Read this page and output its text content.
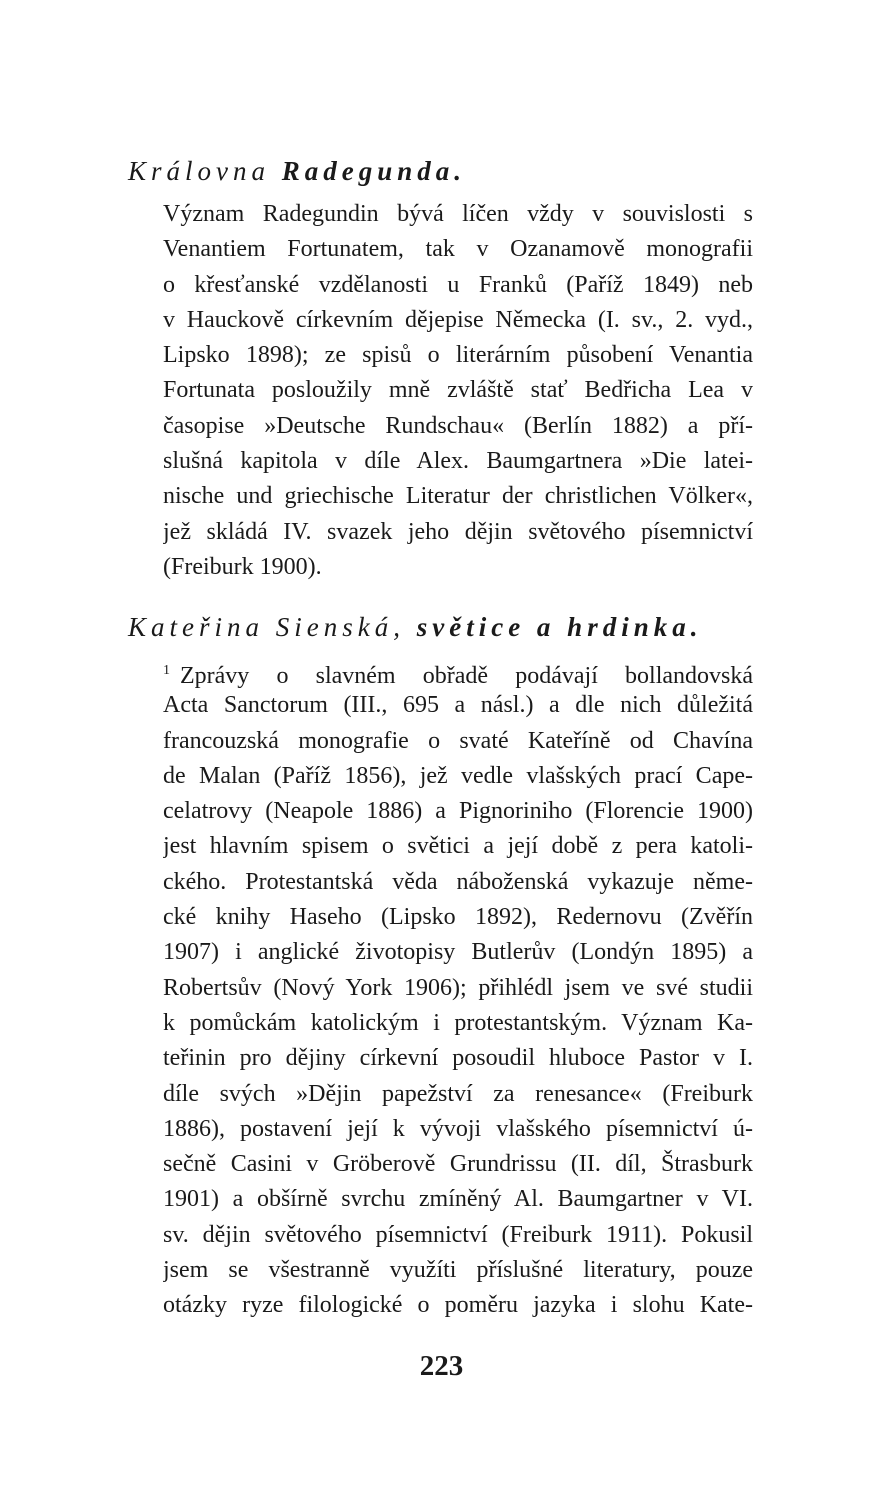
Královna Radegunda.
Význam Radegundin bývá líčen vždy v souvislosti s
Venantiem Fortunatem, tak v Ozanamově monografii
o křesťanské vzdělanosti u Franků (Paříž 1849) neb
v Hauckově církevním dějepise Německa (I. sv., 2. vyd.,
Lipsko 1898); ze spisů o literárním působení Venantia
Fortunata posloužily mně zvláště stať Bedřicha Lea v
časopise »Deutsche Rundschau« (Berlín 1882) a pří-
slušná kapitola v díle Alex. Baumgartnera »Die latei-
nische und griechische Literatur der christlichen Völker«,
jež skládá IV. svazek jeho dějin světového písemnictví
(Freiburk 1900).
Kateřina Sienská, světice a hrdinka.
$^1$ Zprávy o slavném obřadě podávají bollandovská
Acta Sanctorum (III., 695 a násl.) a dle nich důležitá
francouzská monografie o svaté Kateříně od Chavína
de Malan (Paříž 1856), jež vedle vlašských prací Cape-
celatrovy (Neapole 1886) a Pignoriniho (Florencie 1900)
jest hlavním spisem o světici a její době z pera katoli-
ckého. Protestantská věda náboženská vykazuje něme-
cké knihy Haseho (Lipsko 1892), Redernovu (Zvěřín
1907) i anglické životopisy Butlerův (Londýn 1895) a
Robertsův (Nový York 1906); přihlédl jsem ve své studii
k pomůckám katolickým i protestantským. Význam Ka-
teřinin pro dějiny církevní posoudil hluboce Pastor v I.
díle svých »Dějin papežství za renesance« (Freiburk
1886), postavení její k vývoji vlašského písemnictví ú-
sečně Casini v Gröberově Grundrissu (II. díl, Štrasburk
1901) a obšírně svrchu zmíněný Al. Baumgartner v VI.
sv. dějin světového písemnictví (Freiburk 1911). Pokusil
jsem se všestranně využíti příslušné literatury, pouze
otázky ryze filologické o poměru jazyka i slohu Kate-
223
